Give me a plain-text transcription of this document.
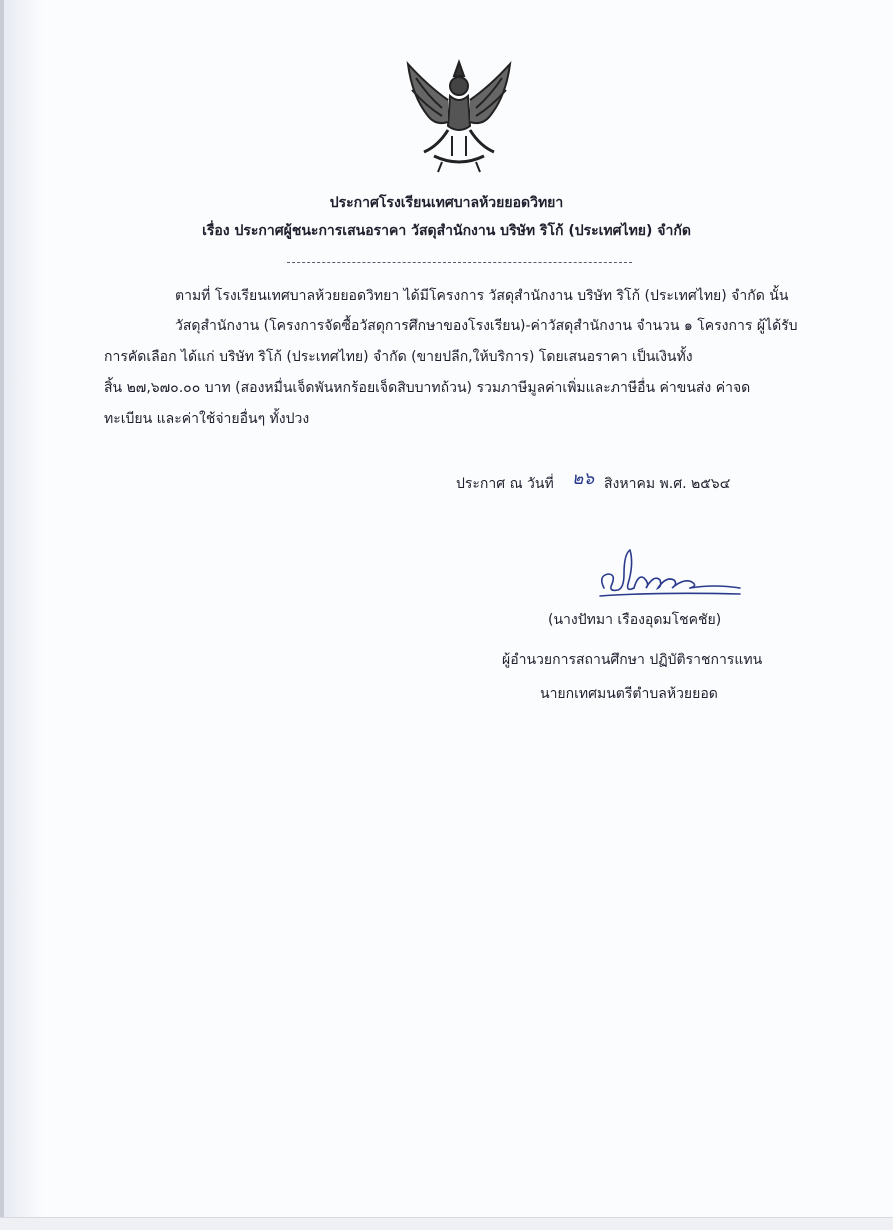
ประกาศโรงเรียนเทศบาลห้วยยอดวิทยา
เรื่อง ประกาศผู้ชนะการเสนอราคา วัสดุสำนักงาน บริษัท ริโก้ (ประเทศไทย) จำกัด
ตามที่ โรงเรียนเทศบาลห้วยยอดวิทยา ได้มีโครงการ วัสดุสำนักงาน บริษัท ริโก้ (ประเทศไทย) จำกัด นั้น
วัสดุสำนักงาน (โครงการจัดซื้อวัสดุการศึกษาของโรงเรียน)-ค่าวัสดุสำนักงาน จำนวน ๑ โครงการ ผู้ได้รับ
การคัดเลือก ได้แก่ บริษัท ริโก้ (ประเทศไทย) จำกัด (ขายปลีก,ให้บริการ) โดยเสนอราคา เป็นเงินทั้ง
สิ้น ๒๗,๖๗๐.๐๐ บาท (สองหมื่นเจ็ดพันหกร้อยเจ็ดสิบบาทถ้วน) รวมภาษีมูลค่าเพิ่มและภาษีอื่น ค่าขนส่ง ค่าจด
ทะเบียน และค่าใช้จ่ายอื่นๆ ทั้งปวง
ประกาศ ณ วันที่ ๒๖ สิงหาคม พ.ศ. ๒๕๖๔
(นางปัทมา เรืองอุดมโชคชัย)
ผู้อำนวยการสถานศึกษา ปฏิบัติราชการแทน
นายกเทศมนตรีตำบลห้วยยอด
